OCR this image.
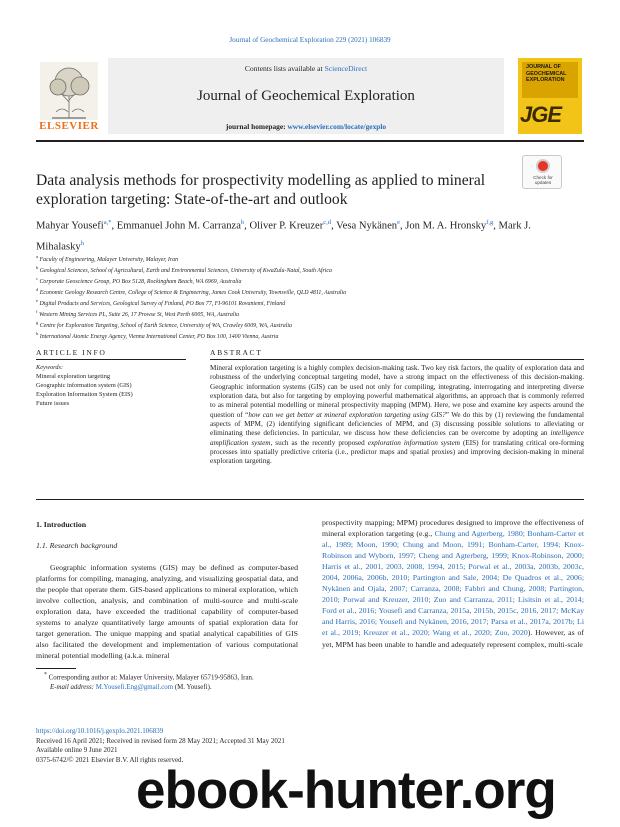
Journal of Geochemical Exploration 229 (2021) 106839
ELSEVIER
Contents lists available at ScienceDirect
Journal of Geochemical Exploration
journal homepage: www.elsevier.com/locate/gexplo
JOURNAL OF GEOCHEMICAL EXPLORATION
JGE
Data analysis methods for prospectivity modelling as applied to mineral exploration targeting: State-of-the-art and outlook
Check for
updates
Mahyar Yousefi$^{a,*}$, Emmanuel John M. Carranza$^b$, Oliver P. Kreuzer$^{c,d}$, Vesa Nykänen$^e$, Jon M. A. Hronsky$^{f,g}$, Mark J. Mihalasky$^h$
$^a$ Faculty of Engineering, Malayer University, Malayer, Iran
$^b$ Geological Sciences, School of Agricultural, Earth and Environmental Sciences, University of KwaZulu-Natal, South Africa
$^c$ Corporate Geoscience Group, PO Box 5128, Rockingham Beach, WA 6969, Australia
$^d$ Economic Geology Research Centre, College of Science & Engineering, James Cook University, Townsville, QLD 4811, Australia
$^e$ Digital Products and Services, Geological Survey of Finland, PO Box 77, FI-96101 Rovaniemi, Finland
$^f$ Western Mining Services PL, Suite 26, 17 Prowse St, West Perth 6005, WA, Australia
$^g$ Centre for Exploration Targeting, School of Earth Science, University of WA, Crawley 6009, WA, Australia
$^h$ International Atomic Energy Agency, Vienna International Center, PO Box 100, 1400 Vienna, Austria
ARTICLE INFO	ABSTRACT
Keywords:
Mineral exploration targeting
Geographic information system (GIS)
Exploration Information System (EIS)
Future issues
Mineral exploration targeting is a highly complex decision-making task. Two key risk factors, the quality of exploration data and robustness of the underlying conceptual targeting model, have a strong impact on the effectiveness of this decision-making. Geographic information systems (GIS) can be used not only for compiling, integrating, interrogating and interpreting diverse exploration data, but also for targeting by employing powerful mathematical algorithms, an approach that is commonly referred to as mineral potential modelling or mineral prospectivity mapping (MPM). Here, we pose and examine key aspects around the question of “how can we get better at mineral exploration targeting using GIS?” We do this by (1) reviewing the fundamental aspects of MPM, (2) identifying significant deficiencies of MPM, and (3) discussing possible solutions to alleviating or eliminating these deficiencies. In particular, we discuss how these deficiencies can be overcome by adopting an intelligence amplification system, such as the recently proposed exploration information system (EIS) for translating critical ore-forming processes into spatially predictive criteria (i.e., predictor maps and spatial proxies) and improving decision-making in mineral exploration targeting.
1. Introduction
1.1. Research background
Geographic information systems (GIS) may be defined as computer-based platforms for compiling, managing, analyzing, and visualizing geospatial data, and the people that operate them. GIS-based applications to mineral exploration, which involve collection, analysis, and combination of multi-source and multi-scale exploration data, have exceeded the traditional capability of computer-based systems to analyze quantitatively large amounts of spatial exploration data for target generation. The unique mapping and spatial analytical capabilities of GIS also facilitated the development and implementation of various computational mineral potential modelling (a.k.a. mineral
prospectivity mapping; MPM) procedures designed to improve the effectiveness of mineral exploration targeting (e.g., Chung and Agterberg, 1980; Bonham-Carter et al., 1989; Moon, 1990; Chung and Moon, 1991; Bonham-Carter, 1994; Knox-Robinson and Wyborn, 1997; Cheng and Agterberg, 1999; Knox-Robinson, 2000; Harris et al., 2001, 2003, 2008, 1994, 2015; Porwal et al., 2003a, 2003b, 2003c, 2004, 2006a, 2006b, 2010; Partington and Sale, 2004; De Quadros et al., 2006; Nykänen and Ojala, 2007; Carranza, 2008; Fabbri and Chung, 2008; Partington, 2010; Porwal and Kreuzer, 2010; Zuo and Carranza, 2011; Lisitsin et al., 2014; Ford et al., 2016; Yousefi and Carranza, 2015a, 2015b, 2015c, 2016, 2017; McKay and Harris, 2016; Yousefi and Nykänen, 2016, 2017; Parsa et al., 2017a, 2017b; Li et al., 2019; Kreuzer et al., 2020; Wang et al., 2020; Zuo, 2020). However, as of yet, MPM has been unable to handle and adequately represent complex, multi-scale
* Corresponding author at: Malayer University, Malayer 65719-95863, Iran.
E-mail address: M.Yousefi.Eng@gmail.com (M. Yousefi).
https://doi.org/10.1016/j.gexplo.2021.106839
Received 16 April 2021; Received in revised form 28 May 2021; Accepted 31 May 2021
Available online 9 June 2021
0375-6742/© 2021 Elsevier B.V. All rights reserved.
ebook-hunter.org
